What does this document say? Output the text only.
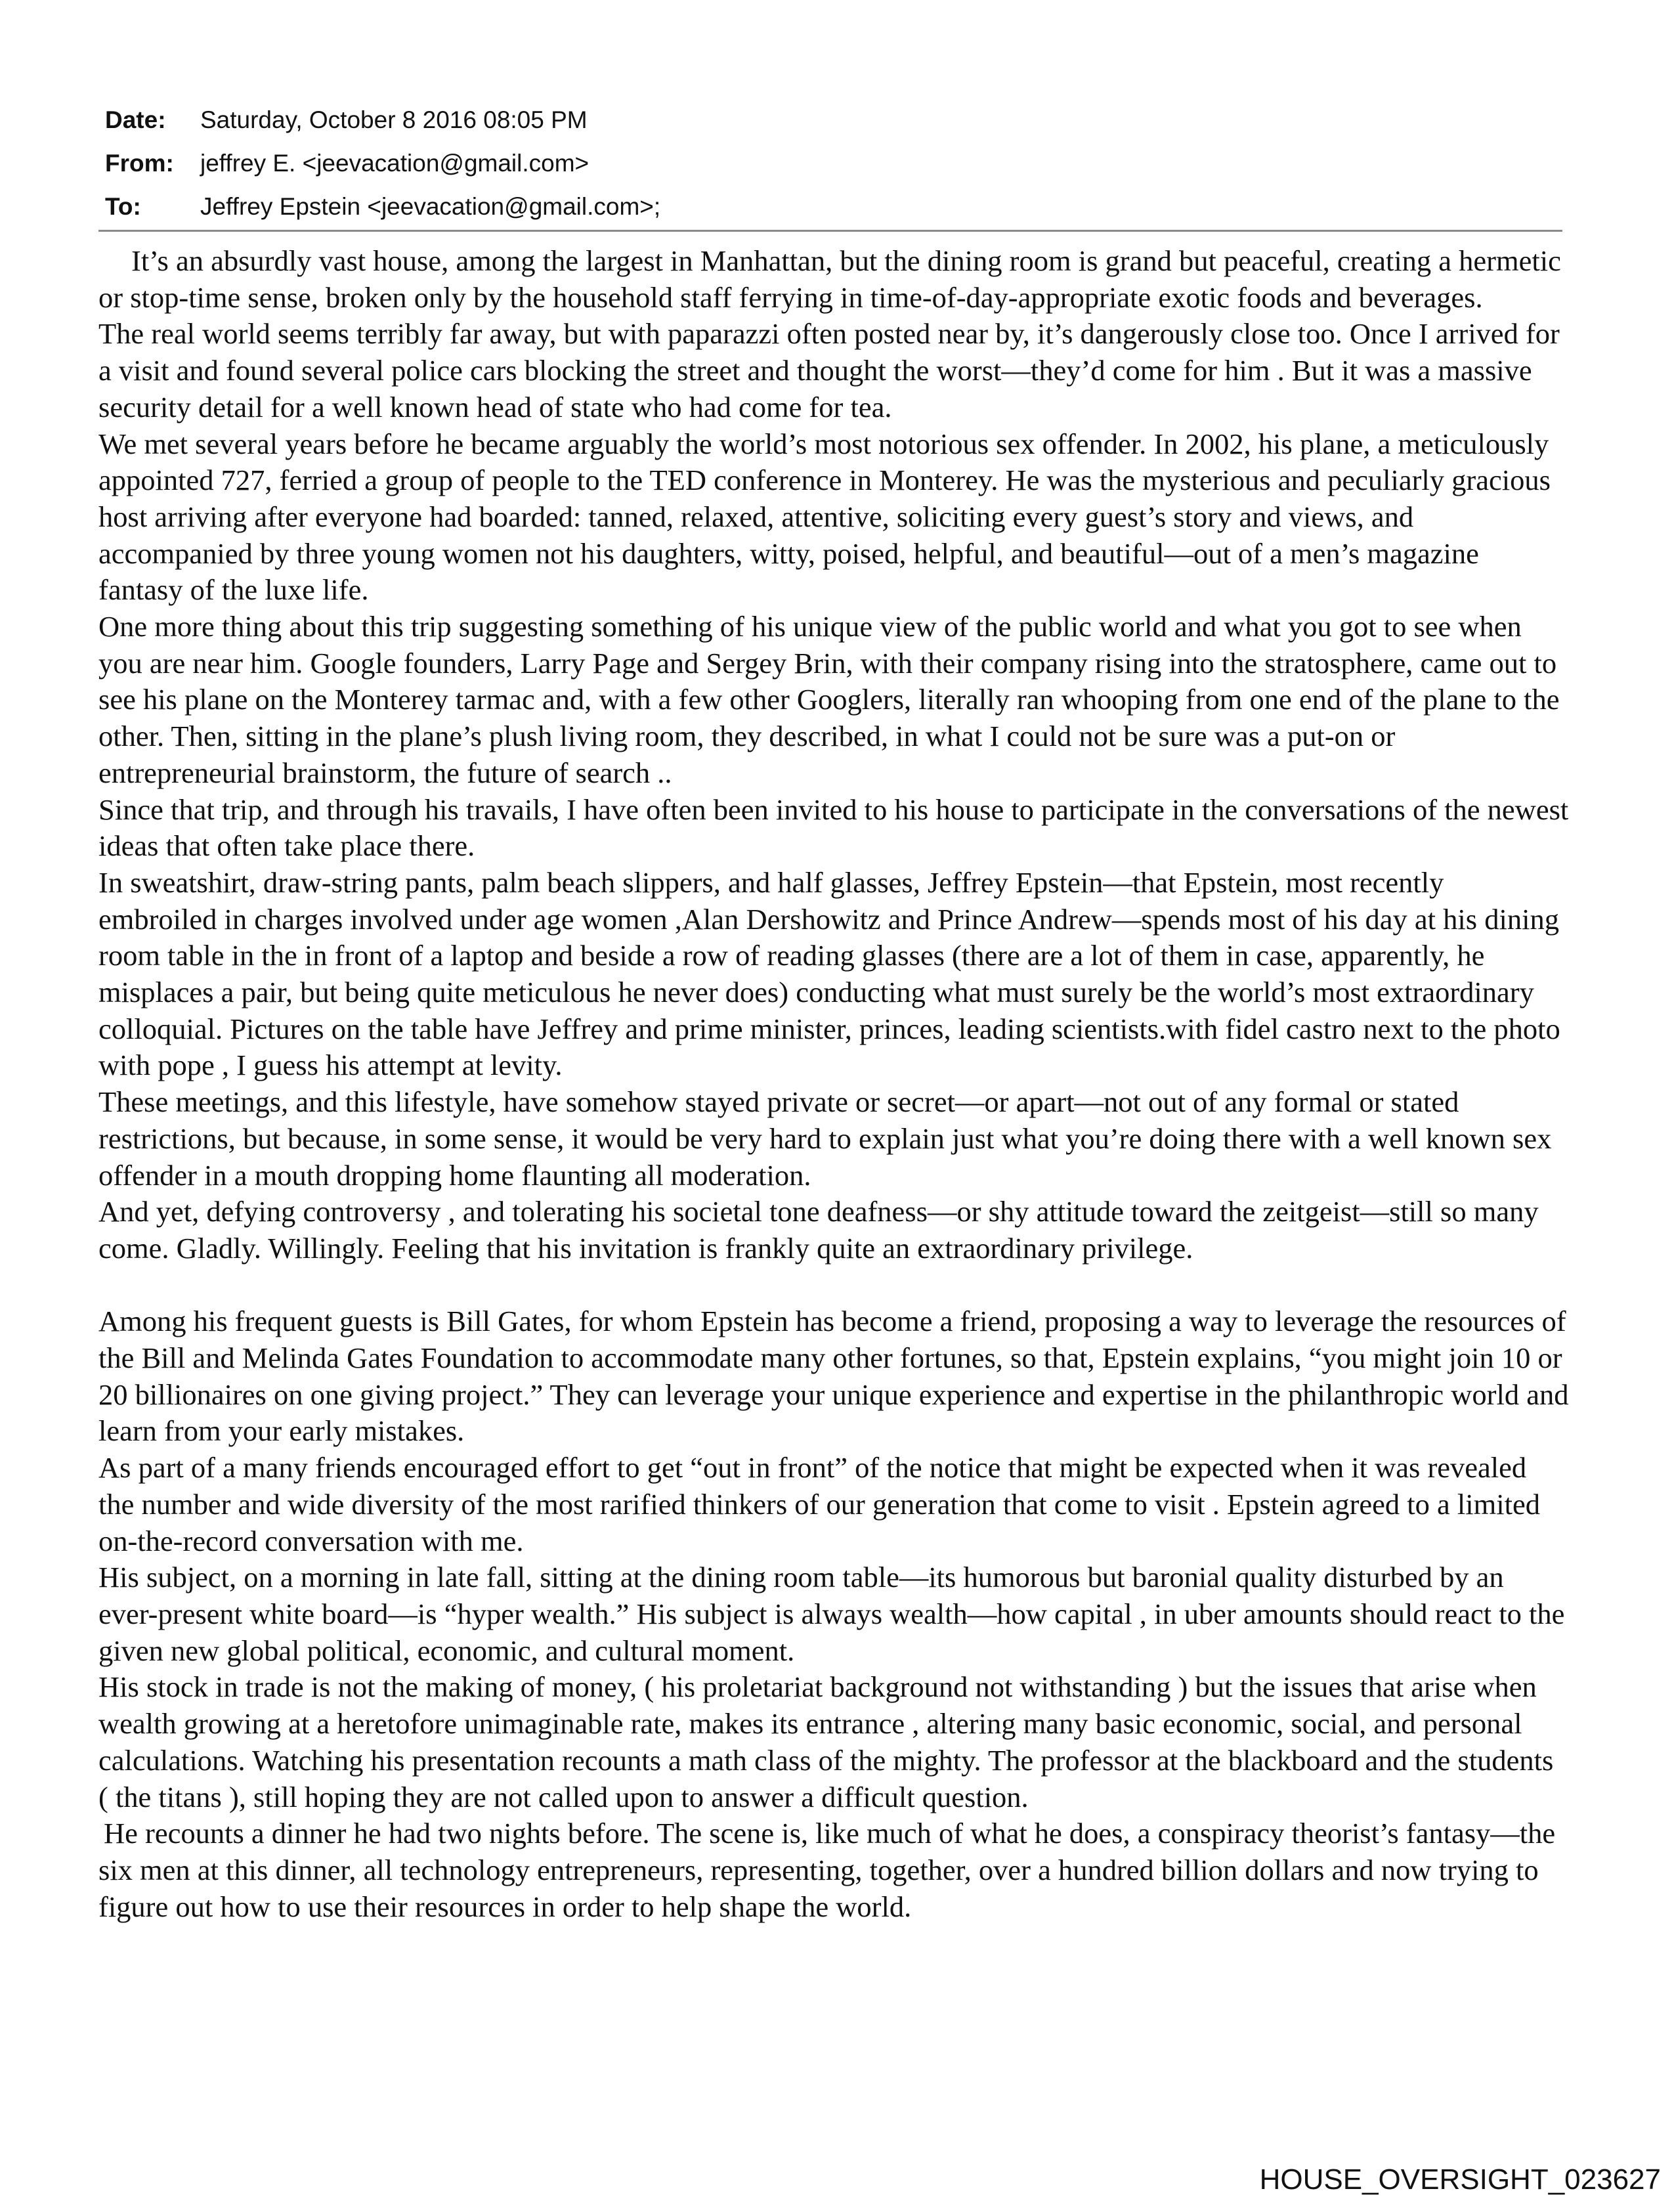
Date:	Saturday, October 8 2016 08:05 PM
From:	jeffrey E. <jeevacation@gmail.com>
To:	Jeffrey Epstein <jeevacation@gmail.com>;

It’s an absurdly vast house, among the largest in Manhattan, but the dining room is grand but peaceful, creating a hermetic or stop-time sense, broken only by the household staff ferrying in time-of-day-appropriate exotic foods and beverages.

The real world seems terribly far away, but with paparazzi often posted near by, it’s dangerously close too. Once I arrived for a visit and found several police cars blocking the street and thought the worst—they’d come for him . But it was a massive security detail for a well known head of state who had come for tea.

We met several years before he became arguably the world’s most notorious sex offender. In 2002, his plane, a meticulously appointed 727, ferried a group of people to the TED conference in Monterey. He was the mysterious and peculiarly gracious host arriving after everyone had boarded: tanned, relaxed, attentive, soliciting every guest’s story and views, and accompanied by three young women not his daughters, witty, poised, helpful, and beautiful—out of a men’s magazine fantasy of the luxe life.

One more thing about this trip suggesting something of his unique view of the public world and what you got to see when you are near him. Google founders, Larry Page and Sergey Brin, with their company rising into the stratosphere, came out to see his plane on the Monterey tarmac and, with a few other Googlers, literally ran whooping from one end of the plane to the other. Then, sitting in the plane’s plush living room, they described, in what I could not be sure was a put-on or entrepreneurial brainstorm, the future of search ..

Since that trip, and through his travails, I have often been invited to his house to participate in the conversations of the newest ideas that often take place there.

In sweatshirt, draw-string pants, palm beach slippers, and half glasses, Jeffrey Epstein—that Epstein, most recently embroiled in charges involved under age women ,Alan Dershowitz and Prince Andrew—spends most of his day at his dining room table in the in front of a laptop and beside a row of reading glasses (there are a lot of them in case, apparently, he misplaces a pair, but being quite meticulous he never does) conducting what must surely be the world’s most extraordinary colloquial. Pictures on the table have Jeffrey and prime minister, princes, leading scientists.with fidel castro next to the photo with pope , I guess his attempt at levity.

These meetings, and this lifestyle, have somehow stayed private or secret—or apart—not out of any formal or stated restrictions, but because, in some sense, it would be very hard to explain just what you’re doing there with a well known sex offender in a mouth dropping home flaunting all moderation.

And yet, defying controversy , and tolerating his societal tone deafness—or shy attitude toward the zeitgeist—still so many come. Gladly. Willingly. Feeling that his invitation is frankly quite an extraordinary privilege.

Among his frequent guests is Bill Gates, for whom Epstein has become a friend, proposing a way to leverage the resources of the Bill and Melinda Gates Foundation to accommodate many other fortunes, so that, Epstein explains, “you might join 10 or 20 billionaires on one giving project.” They can leverage your unique experience and expertise in the philanthropic world and learn from your early mistakes.

As part of a many friends encouraged effort to get “out in front” of the notice that might be expected when it was revealed the number and wide diversity of the most rarified thinkers of our generation that come to visit . Epstein agreed to a limited on-the-record conversation with me.

His subject, on a morning in late fall, sitting at the dining room table—its humorous but baronial quality disturbed by an ever-present white board—is “hyper wealth.” His subject is always wealth—how capital , in uber amounts should react to the given new global political, economic, and cultural moment.

His stock in trade is not the making of money, ( his proletariat background not withstanding ) but the issues that arise when wealth growing at a heretofore unimaginable rate, makes its entrance , altering many basic economic, social, and personal calculations. Watching his presentation recounts a math class of the mighty. The professor at the blackboard and the students ( the titans ), still hoping they are not called upon to answer a difficult question.

He recounts a dinner he had two nights before. The scene is, like much of what he does, a conspiracy theorist’s fantasy—the six men at this dinner, all technology entrepreneurs, representing, together, over a hundred billion dollars and now trying to figure out how to use their resources in order to help shape the world.

HOUSE_OVERSIGHT_023627
